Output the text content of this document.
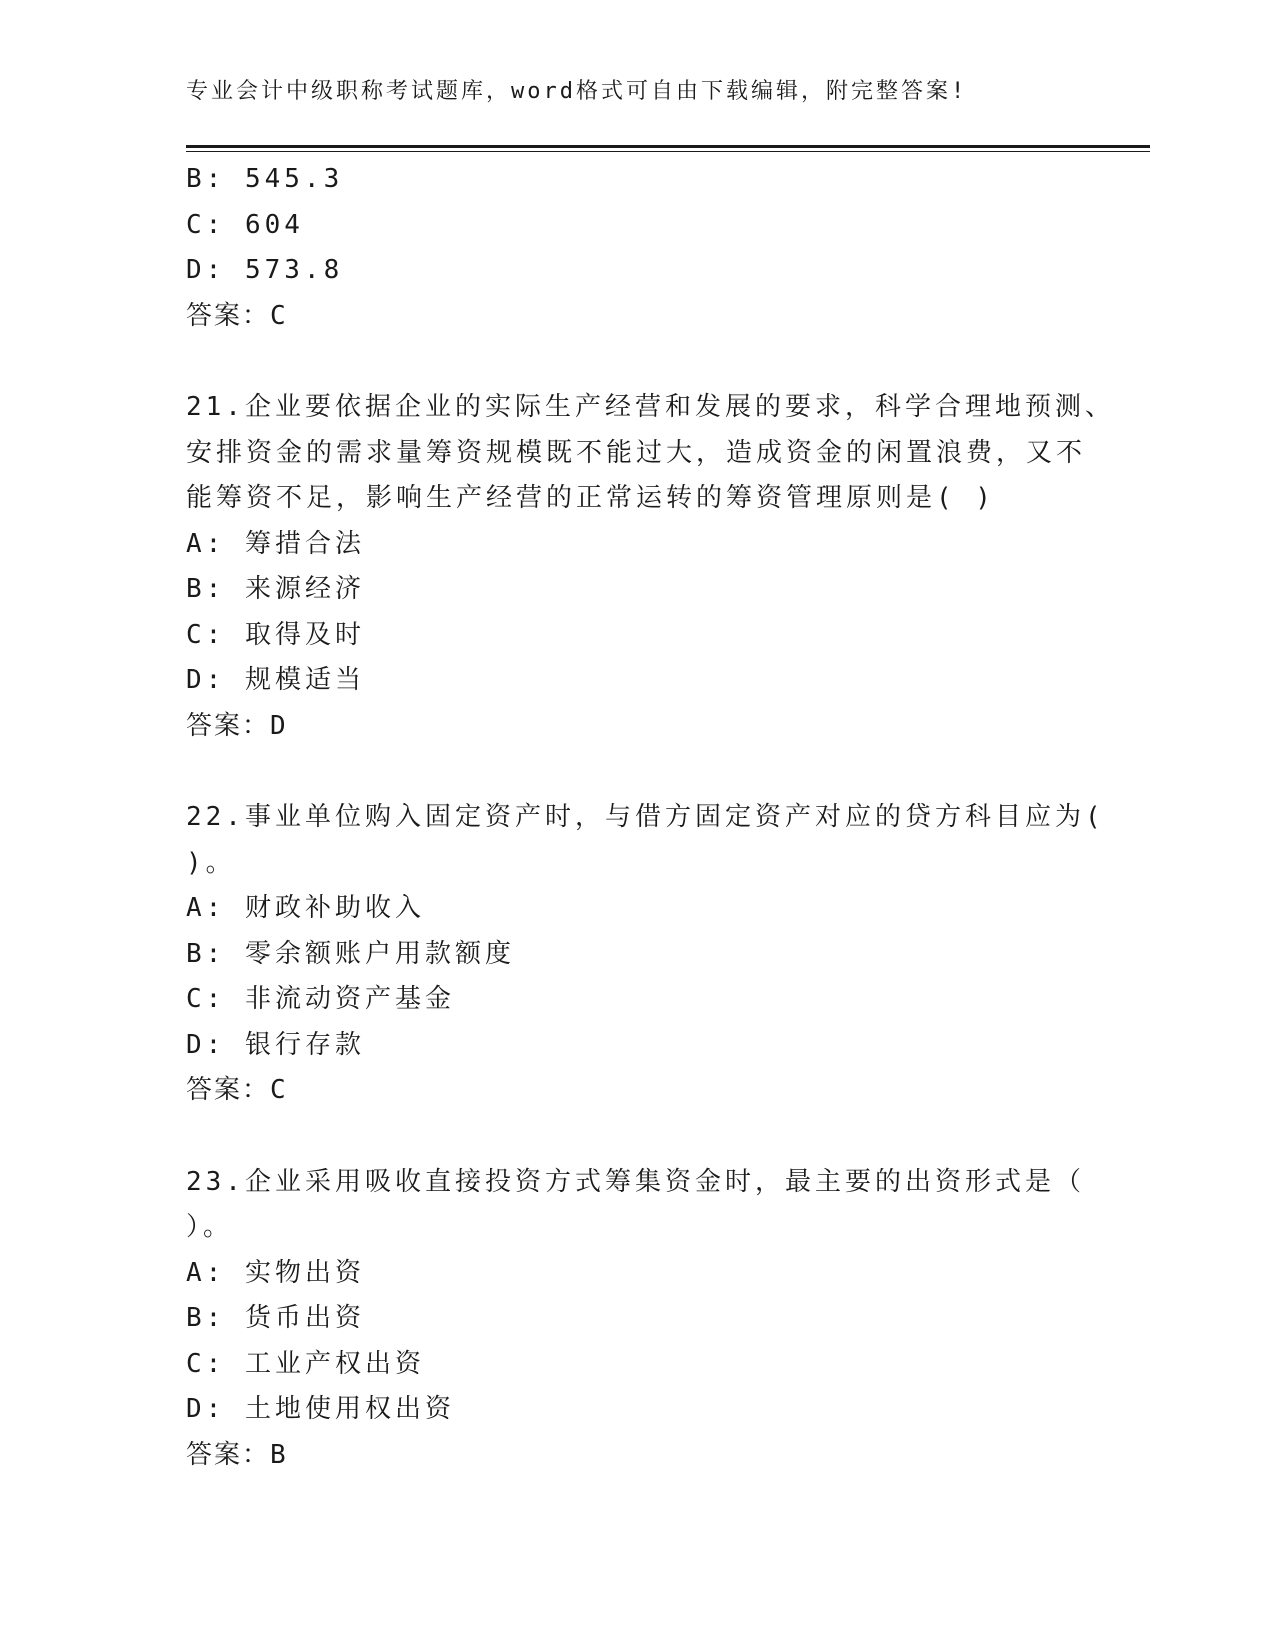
专业会计中级职称考试题库，word格式可自由下载编辑，附完整答案!
B: 545.3
C: 604
D: 573.8
答案：C
21.企业要依据企业的实际生产经营和发展的要求，科学合理地预测、
安排资金的需求量筹资规模既不能过大，造成资金的闲置浪费，又不
能筹资不足，影响生产经营的正常运转的筹资管理原则是( )
A: 筹措合法
B: 来源经济
C: 取得及时
D: 规模适当
答案：D
22.事业单位购入固定资产时，与借方固定资产对应的贷方科目应为(
)。
A: 财政补助收入
B: 零余额账户用款额度
C: 非流动资产基金
D: 银行存款
答案：C
23.企业采用吸收直接投资方式筹集资金时，最主要的出资形式是（
）。
A: 实物出资
B: 货币出资
C: 工业产权出资
D: 土地使用权出资
答案：B
